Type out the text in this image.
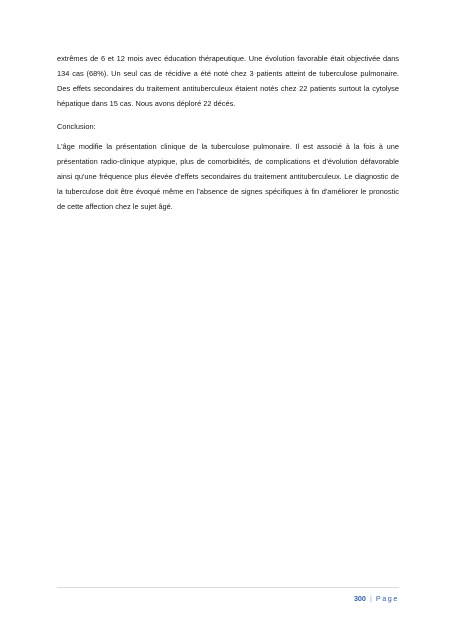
extrêmes de 6 et 12 mois avec éducation thérapeutique. Une évolution favorable était objectivée dans 134 cas (68%). Un seul cas de récidive a été noté chez 3 patients atteint de tuberculose pulmonaire. Des effets secondaires du traitement antituberculeux étaient notés chez 22 patients surtout la cytolyse hépatique dans 15 cas. Nous avons déploré 22 décés.

Conclusion:

L'âge modifie la présentation clinique de la tuberculose pulmonaire. Il est associé à la fois à une présentation radio-clinique atypique, plus de comorbidités, de complications et d'évolution défavorable ainsi qu'une fréquence plus élevée d'effets secondaires du traitement antituberculeux. Le diagnostic de la tuberculose doit être évoqué même en l'absence de signes spécifiques à fin d'améliorer le pronostic de cette affection chez le sujet âgé.

300 | Page
